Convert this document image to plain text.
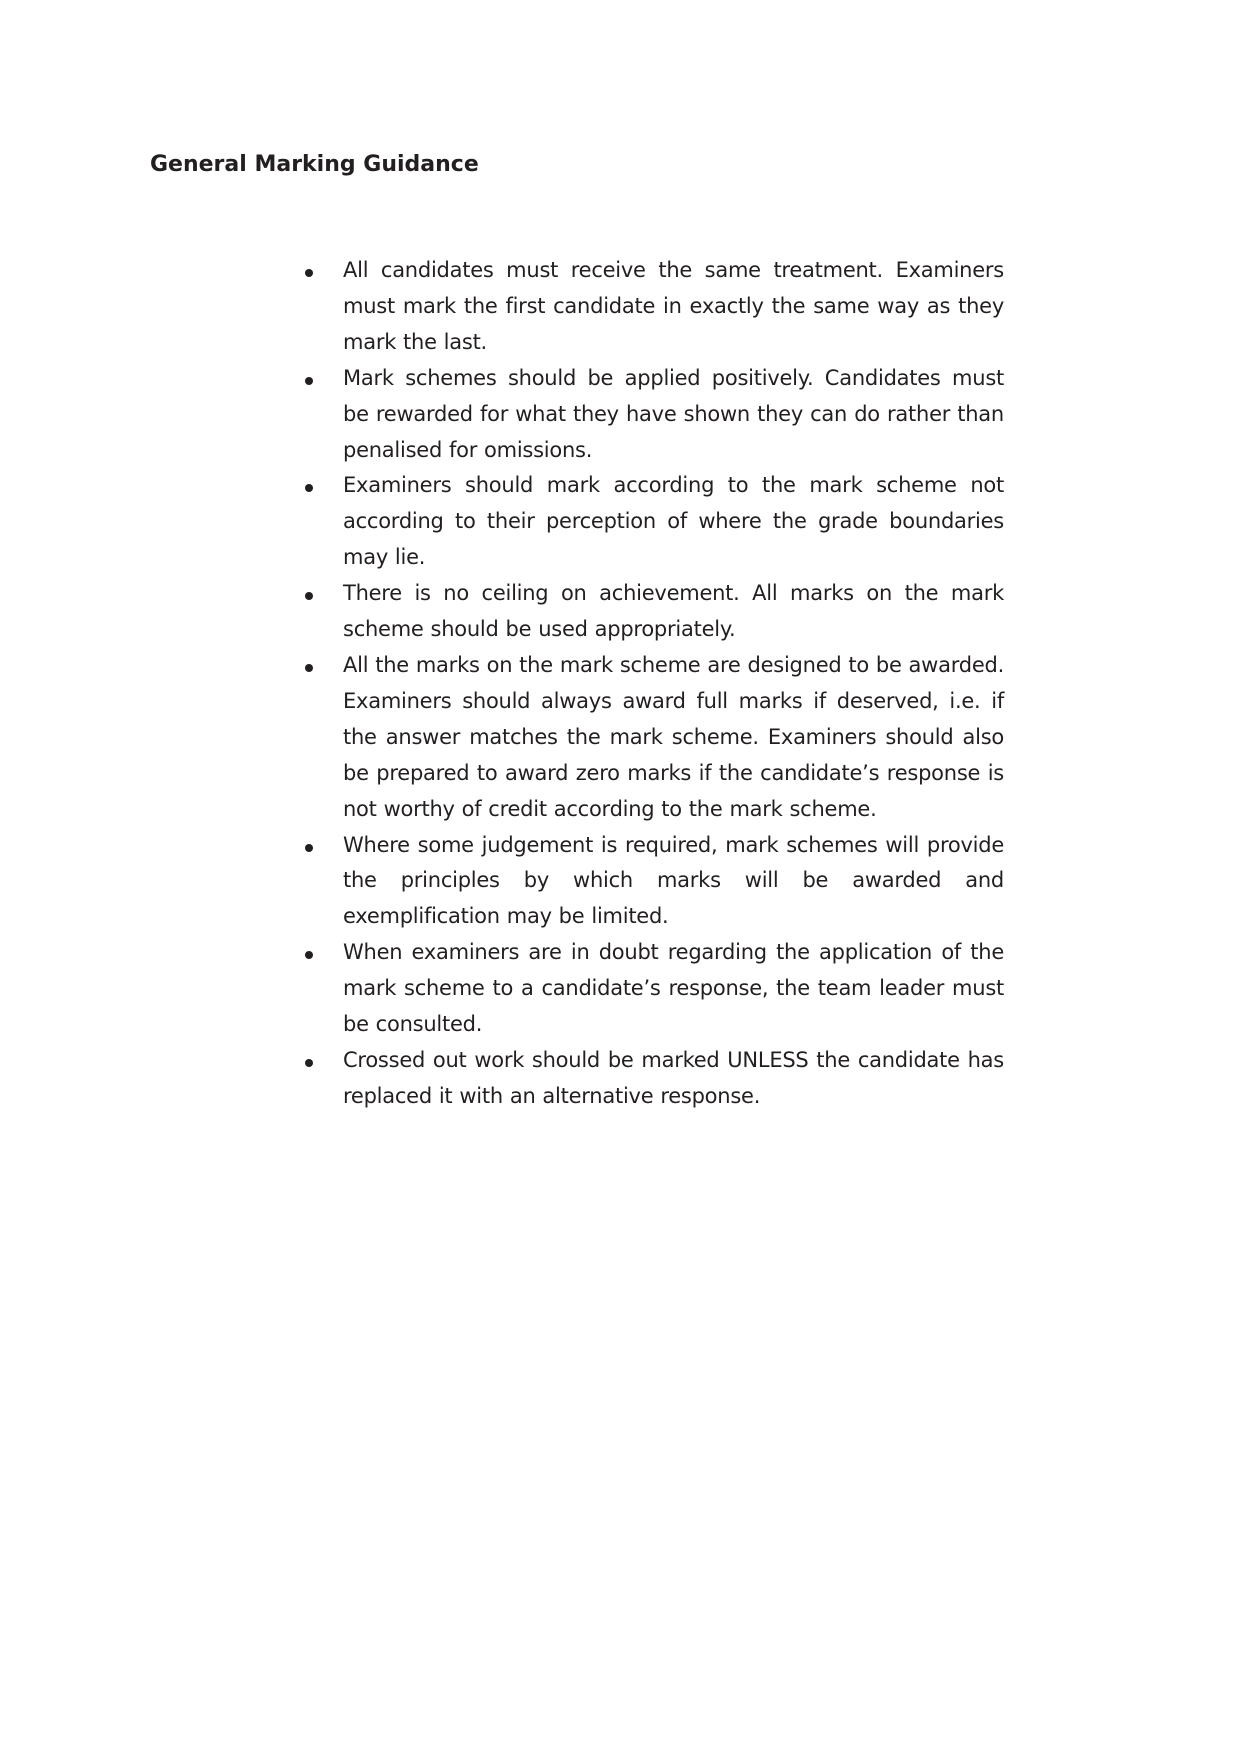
General Marking Guidance
All candidates must receive the same treatment. Examiners must mark the first candidate in exactly the same way as they mark the last.
Mark schemes should be applied positively. Candidates must be rewarded for what they have shown they can do rather than penalised for omissions.
Examiners should mark according to the mark scheme not according to their perception of where the grade boundaries may lie.
There is no ceiling on achievement. All marks on the mark scheme should be used appropriately.
All the marks on the mark scheme are designed to be awarded. Examiners should always award full marks if deserved, i.e. if the answer matches the mark scheme. Examiners should also be prepared to award zero marks if the candidate’s response is not worthy of credit according to the mark scheme.
Where some judgement is required, mark schemes will provide the principles by which marks will be awarded and exemplification may be limited.
When examiners are in doubt regarding the application of the mark scheme to a candidate’s response, the team leader must be consulted.
Crossed out work should be marked UNLESS the candidate has replaced it with an alternative response.
